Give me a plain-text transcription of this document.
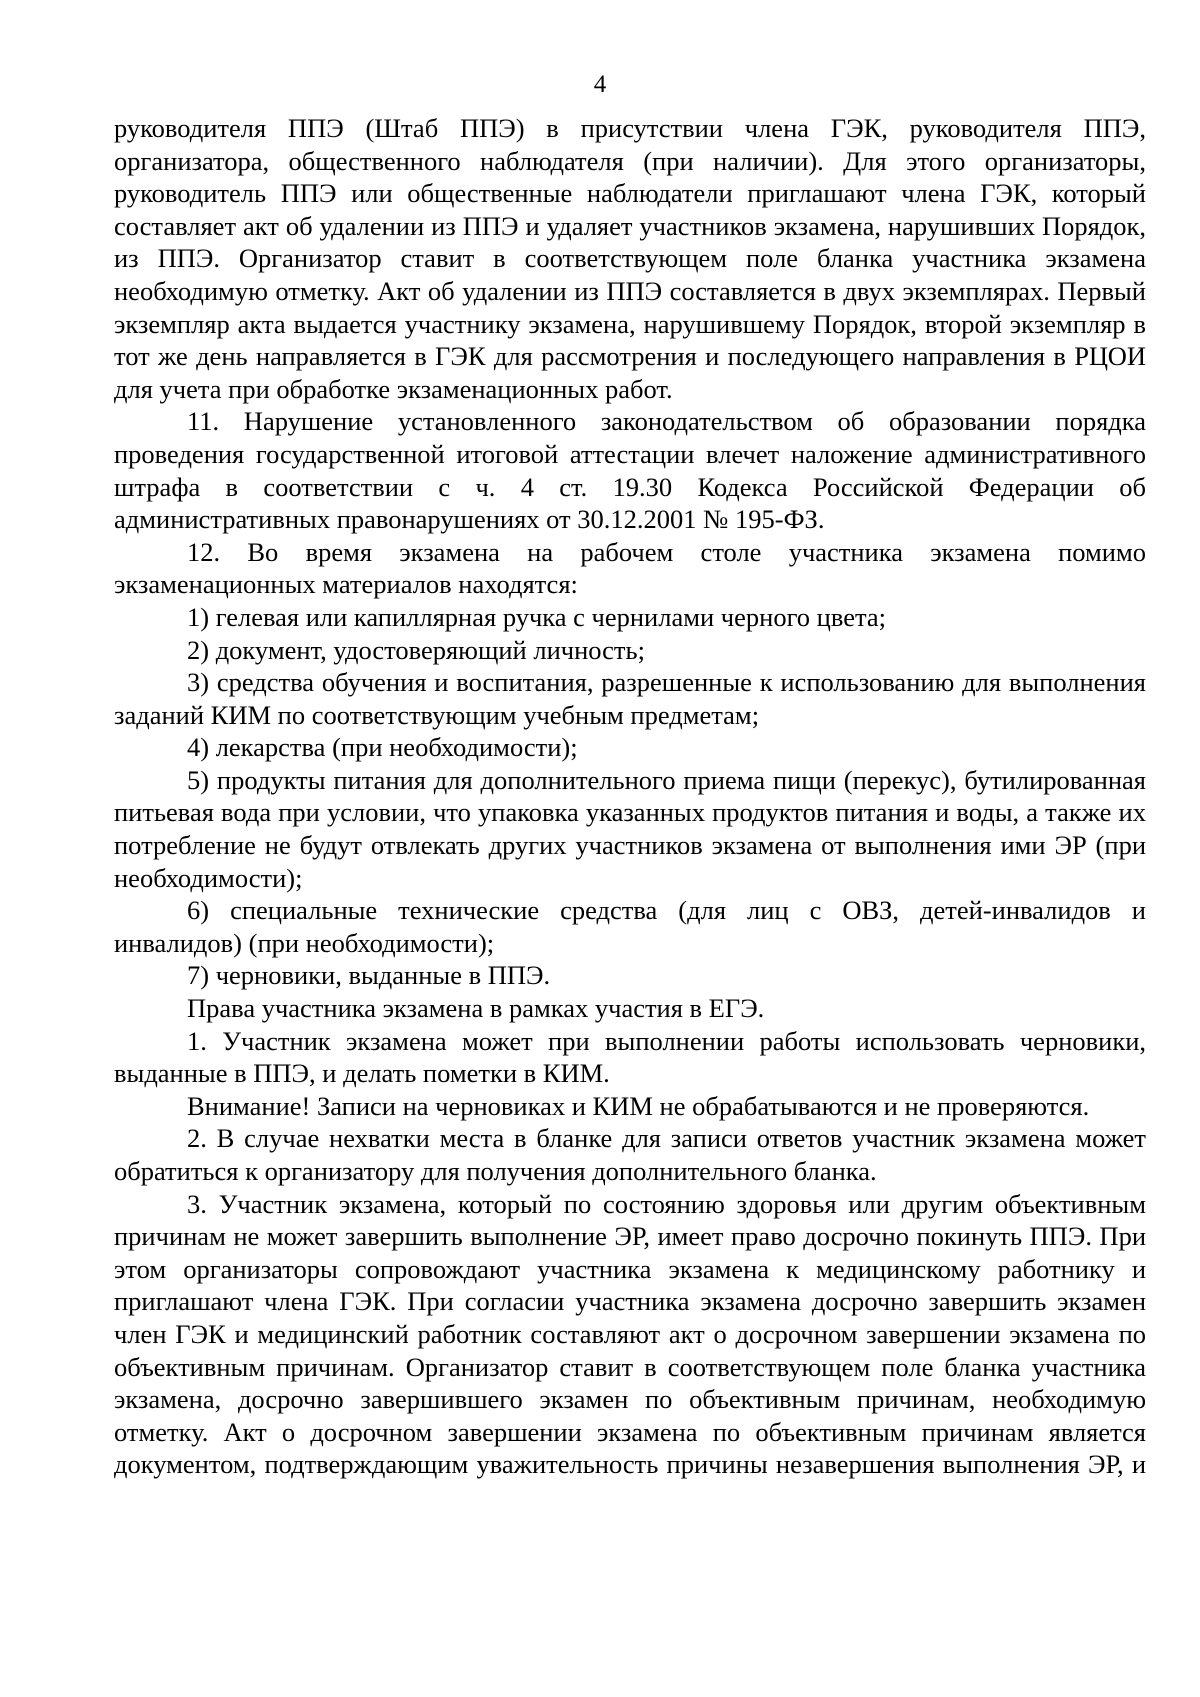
4

руководителя ППЭ (Штаб ППЭ) в присутствии члена ГЭК, руководителя ППЭ, организатора, общественного наблюдателя (при наличии). Для этого организаторы, руководитель ППЭ или общественные наблюдатели приглашают члена ГЭК, который составляет акт об удалении из ППЭ и удаляет участников экзамена, нарушивших Порядок, из ППЭ. Организатор ставит в соответствующем поле бланка участника экзамена необходимую отметку. Акт об удалении из ППЭ составляется в двух экземплярах. Первый экземпляр акта выдается участнику экзамена, нарушившему Порядок, второй экземпляр в тот же день направляется в ГЭК для рассмотрения и последующего направления в РЦОИ для учета при обработке экзаменационных работ.

11. Нарушение установленного законодательством об образовании порядка проведения государственной итоговой аттестации влечет наложение административного штрафа в соответствии с ч. 4 ст. 19.30 Кодекса Российской Федерации об административных правонарушениях от 30.12.2001 № 195-ФЗ.

12. Во время экзамена на рабочем столе участника экзамена помимо экзаменационных материалов находятся:

1) гелевая или капиллярная ручка с чернилами черного цвета;

2) документ, удостоверяющий личность;

3) средства обучения и воспитания, разрешенные к использованию для выполнения заданий КИМ по соответствующим учебным предметам;

4) лекарства (при необходимости);

5) продукты питания для дополнительного приема пищи (перекус), бутилированная питьевая вода при условии, что упаковка указанных продуктов питания и воды, а также их потребление не будут отвлекать других участников экзамена от выполнения ими ЭР (при необходимости);

6) специальные технические средства (для лиц с ОВЗ, детей-инвалидов и инвалидов) (при необходимости);

7) черновики, выданные в ППЭ.

Права участника экзамена в рамках участия в ЕГЭ.

1. Участник экзамена может при выполнении работы использовать черновики, выданные в ППЭ, и делать пометки в КИМ.

Внимание! Записи на черновиках и КИМ не обрабатываются и не проверяются.

2. В случае нехватки места в бланке для записи ответов участник экзамена может обратиться к организатору для получения дополнительного бланка.

3. Участник экзамена, который по состоянию здоровья или другим объективным причинам не может завершить выполнение ЭР, имеет право досрочно покинуть ППЭ. При этом организаторы сопровождают участника экзамена к медицинскому работнику и приглашают члена ГЭК. При согласии участника экзамена досрочно завершить экзамен член ГЭК и медицинский работник составляют акт о досрочном завершении экзамена по объективным причинам. Организатор ставит в соответствующем поле бланка участника экзамена, досрочно завершившего экзамен по объективным причинам, необходимую отметку. Акт о досрочном завершении экзамена по объективным причинам является документом, подтверждающим уважительность причины незавершения выполнения ЭР, и
